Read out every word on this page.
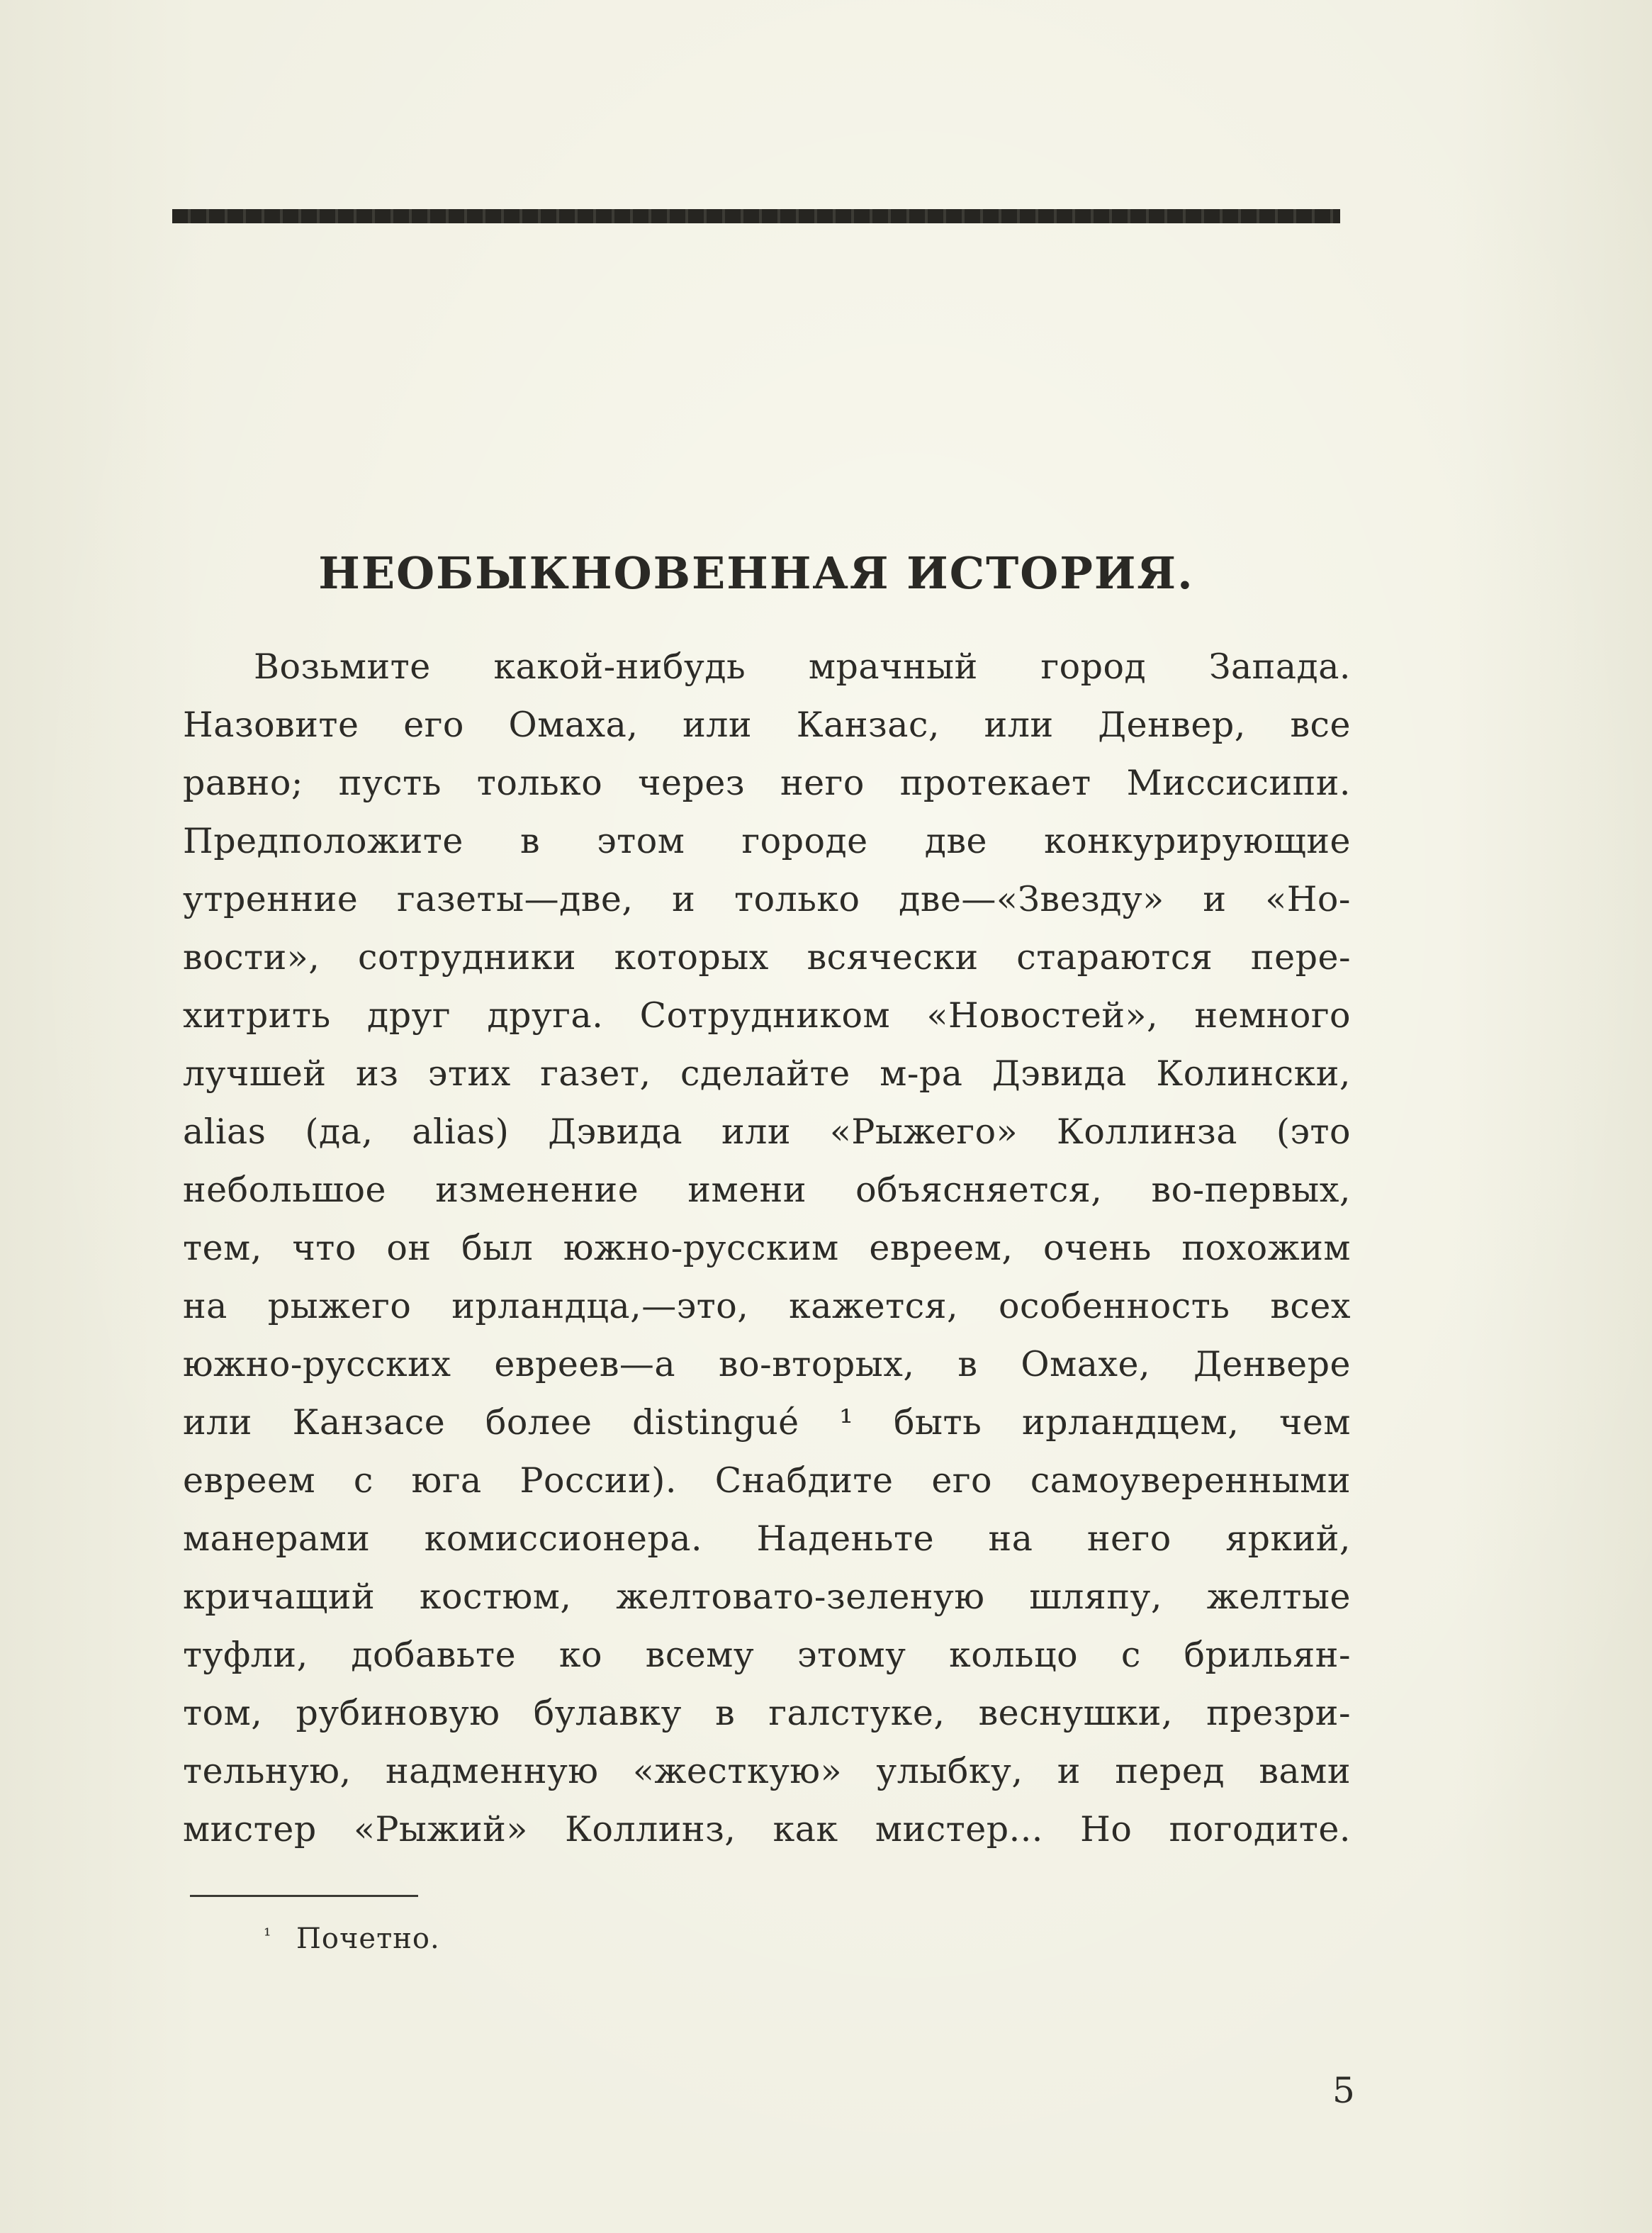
НЕОБЫКНОВЕННАЯ ИСТОРИЯ.
Возьмите какой-нибудь мрачный город Запада.
Назовите его Омаха, или Канзас, или Денвер, все
равно; пусть только через него протекает Миссисипи.
Предположите в этом городе две конкурирующие
утренние газеты—две, и только две—«Звезду» и «Но-
вости», сотрудники которых всячески стараются пере-
хитрить друг друга. Сотрудником «Новостей», немного
лучшей из этих газет, сделайте м-ра Дэвида Колински,
alias (да, alias) Дэвида или «Рыжего» Коллинза (это
небольшое изменение имени объясняется, во-первых,
тем, что он был южно-русским евреем, очень похожим
на рыжего ирландца,—это, кажется, особенность всех
южно-русских евреев—а во-вторых, в Омахе, Денвере
или Канзасе более distingué ¹ быть ирландцем, чем
евреем с юга России). Снабдите его самоуверенными
манерами комиссионера. Наденьте на него яркий,
кричащий костюм, желтовато-зеленую шляпу, желтые
туфли, добавьте ко всему этому кольцо с брильян-
том, рубиновую булавку в галстуке, веснушки, презри-
тельную, надменную «жесткую» улыбку, и перед вами
мистер «Рыжий» Коллинз, как мистер... Но погодите.
¹ Почетно.
5
